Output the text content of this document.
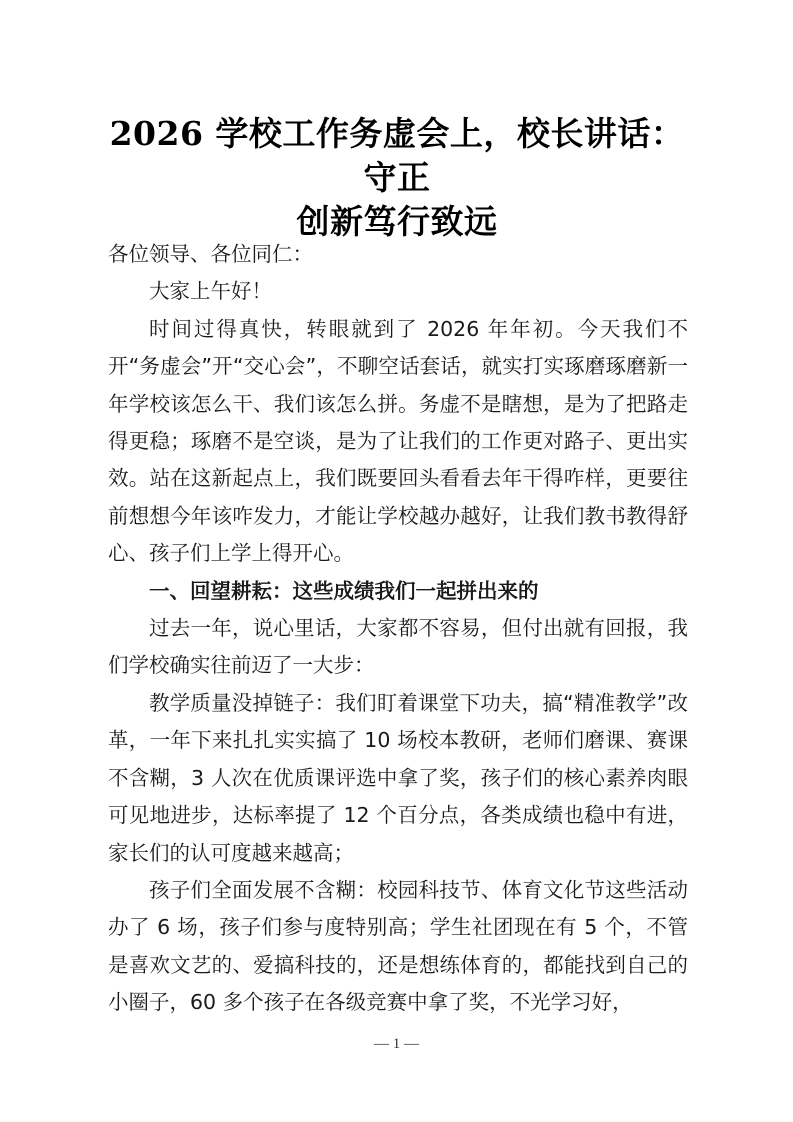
2026 学校工作务虚会上，校长讲话：守正
创新笃行致远

各位领导、各位同仁：

大家上午好！

时间过得真快，转眼就到了 2026 年年初。今天我们不开“务虚会”开“交心会”，不聊空话套话，就实打实琢磨琢磨新一年学校该怎么干、我们该怎么拼。务虚不是瞎想，是为了把路走得更稳；琢磨不是空谈，是为了让我们的工作更对路子、更出实效。站在这新起点上，我们既要回头看看去年干得咋样，更要往前想想今年该咋发力，才能让学校越办越好，让我们教书教得舒心、孩子们上学上得开心。

一、回望耕耘：这些成绩我们一起拼出来的

过去一年，说心里话，大家都不容易，但付出就有回报，我们学校确实往前迈了一大步：

教学质量没掉链子：我们盯着课堂下功夫，搞“精准教学”改革，一年下来扎扎实实搞了 10 场校本教研，老师们磨课、赛课不含糊，3 人次在优质课评选中拿了奖，孩子们的核心素养肉眼可见地进步，达标率提了 12 个百分点，各类成绩也稳中有进，家长们的认可度越来越高；

孩子们全面发展不含糊：校园科技节、体育文化节这些活动办了 6 场，孩子们参与度特别高；学生社团现在有 5 个，不管是喜欢文艺的、爱搞科技的，还是想练体育的，都能找到自己的小圈子，60 多个孩子在各级竞赛中拿了奖，不光学习好，

— 1 —
